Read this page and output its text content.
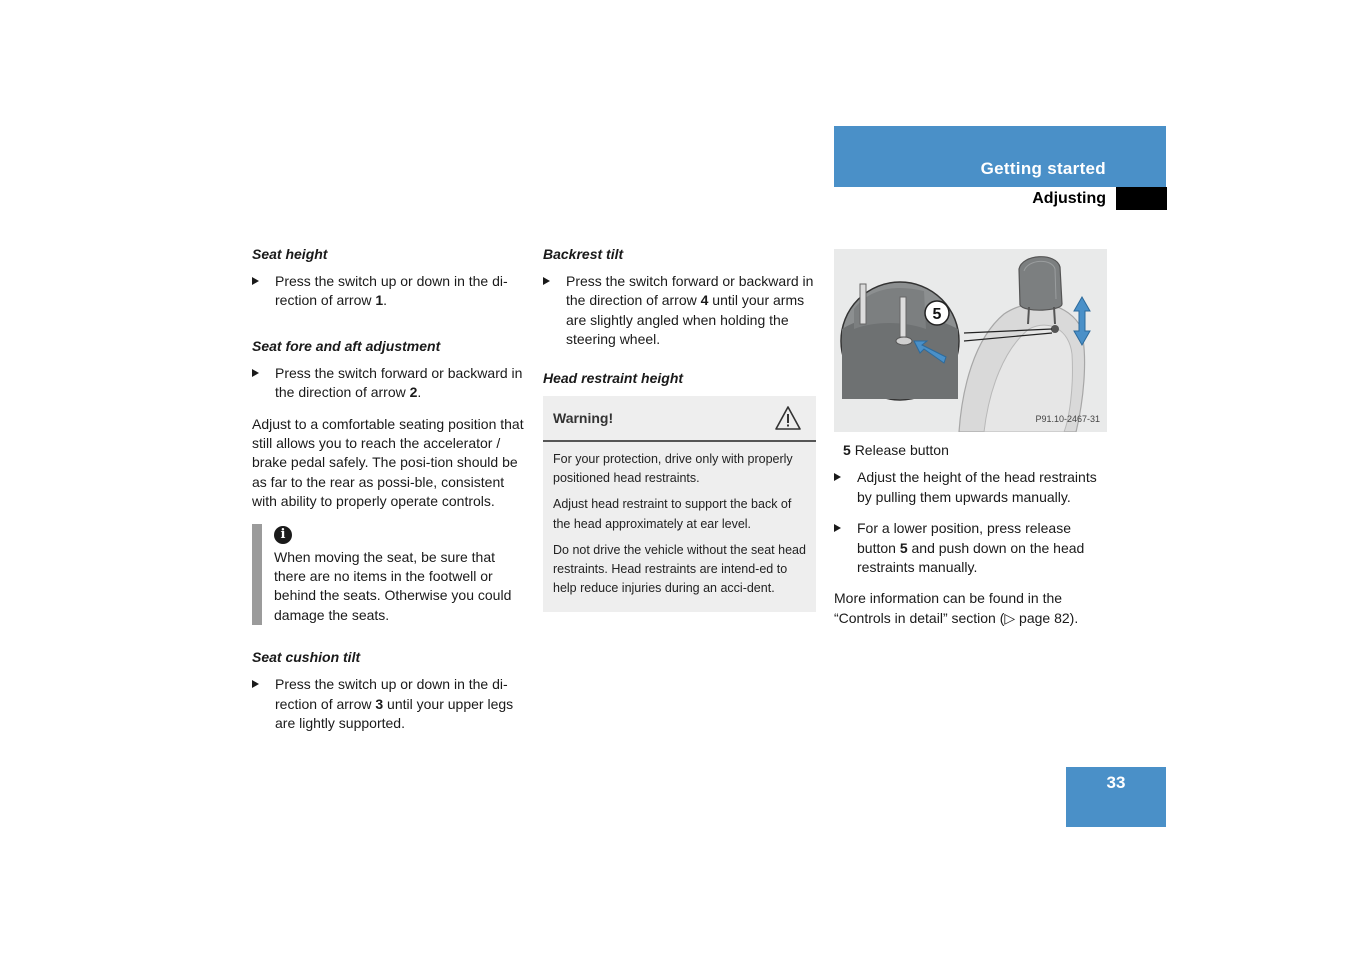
Getting started
Adjusting
Seat height
Press the switch up or down in the di-rection of arrow 1.
Seat fore and aft adjustment
Press the switch forward or backward in the direction of arrow 2.
Adjust to a comfortable seating position that still allows you to reach the accelerator / brake pedal safely. The posi-tion should be as far to the rear as possi-ble, consistent with ability to properly operate controls.
i
When moving the seat, be sure that there are no items in the footwell or behind the seats. Otherwise you could damage the seats.
Seat cushion tilt
Press the switch up or down in the di-rection of arrow 3 until your upper legs are lightly supported.
Backrest tilt
Press the switch forward or backward in the direction of arrow 4 until your arms are slightly angled when holding the steering wheel.
Head restraint height
Warning!

For your protection, drive only with properly positioned head restraints.

Adjust head restraint to support the back of the head approximately at ear level.

Do not drive the vehicle without the seat head restraints. Head restraints are intend-ed to help reduce injuries during an acci-dent.

5
P91.10-2467-31
5 Release button
Adjust the height of the head restraints by pulling them upwards manually.
For a lower position, press release button 5 and push down on the head restraints manually.
More information can be found in the “Controls in detail” section (▷ page 82).
33
